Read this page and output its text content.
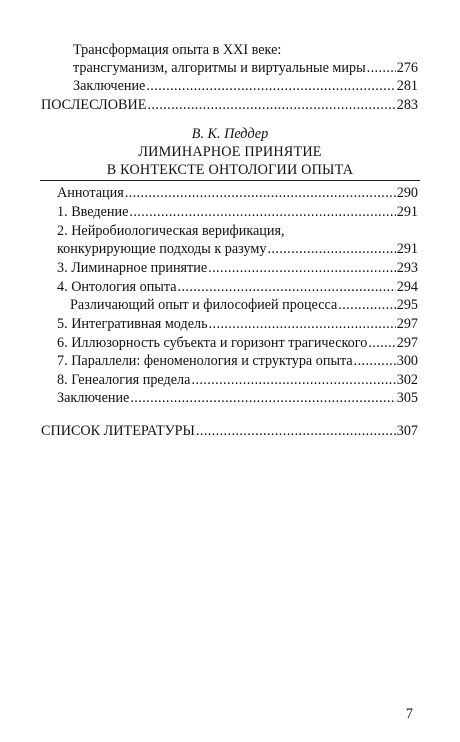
Трансформация опыта в XXI веке:
трансгуманизм, алгоритмы и виртуальные миры ..... 276
Заключение .....	281
ПОСЛЕСЛОВИЕ .....	283
В. К. Педдер
ЛИМИНАРНОЕ ПРИНЯТИЕ
В КОНТЕКСТЕ ОНТОЛОГИИ ОПЫТА
Аннотация .....	290
1. Введение .....	291
2. Нейробиологическая верификация,
конкурирующие подходы к разуму .....	291
3. Лиминарное принятие .....	293
4. Онтология опыта .....	294
Различающий опыт и философией процесса .....	295
5. Интегративная модель .....	297
6. Иллюзорность субъекта и горизонт трагического ..... 297
7. Параллели: феноменология и структура опыта .....	300
8. Генеалогия предела .....	302
Заключение .....	305
СПИСОК ЛИТЕРАТУРЫ .....	307
7
